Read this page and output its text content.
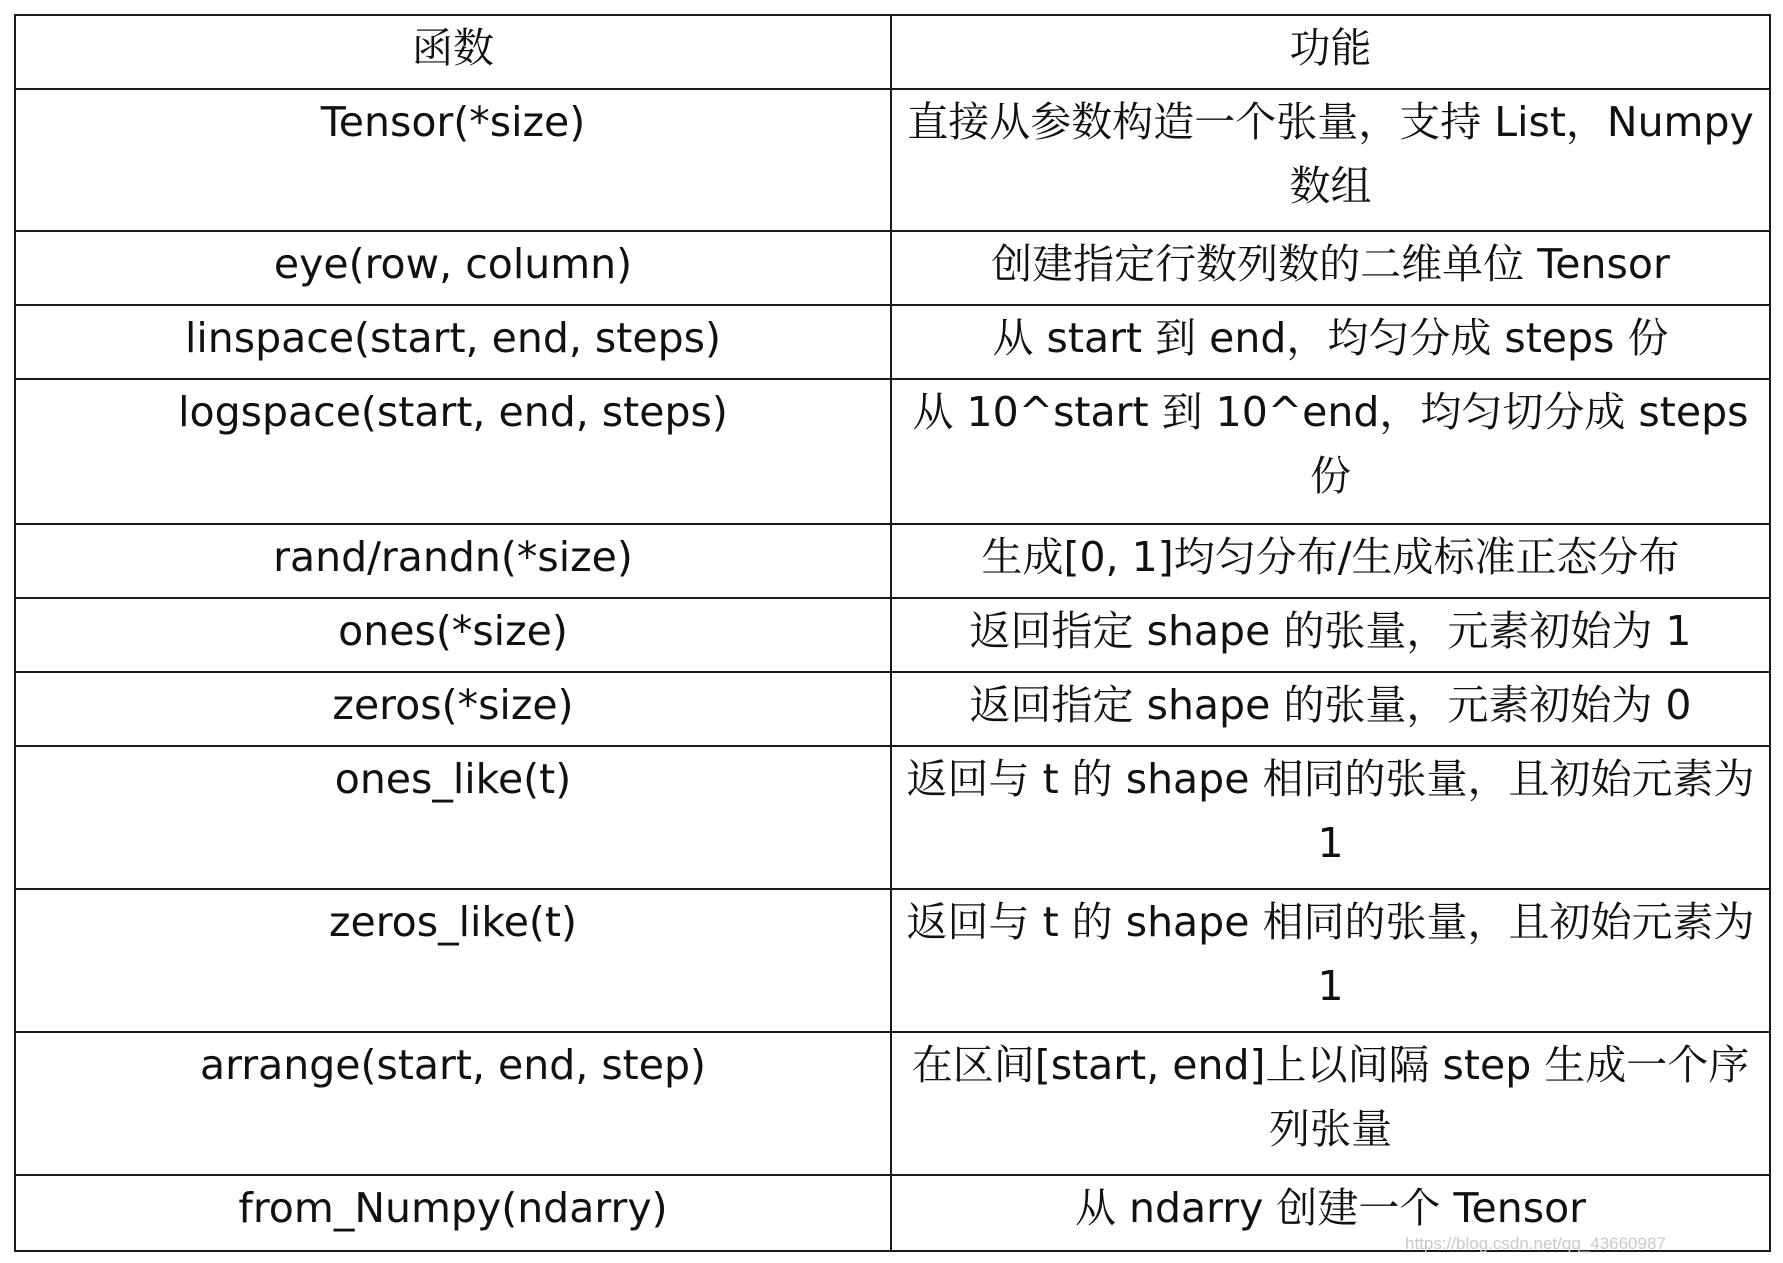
函数	功能
Tensor(*size)	直接从参数构造一个张量，支持 List，Numpy 数组
eye(row, column)	创建指定行数列数的二维单位 Tensor
linspace(start, end, steps)	从 start 到 end，均匀分成 steps 份
logspace(start, end, steps)	从 10^start 到 10^end，均匀切分成 steps 份
rand/randn(*size)	生成[0, 1]均匀分布/生成标准正态分布
ones(*size)	返回指定 shape 的张量，元素初始为 1
zeros(*size)	返回指定 shape 的张量，元素初始为 0
ones_like(t)	返回与 t 的 shape 相同的张量，且初始元素为 1
zeros_like(t)	返回与 t 的 shape 相同的张量，且初始元素为 1
arrange(start, end, step)	在区间[start, end]上以间隔 step 生成一个序列张量
from_Numpy(ndarry)	从 ndarry 创建一个 Tensor
https://blog.csdn.net/qq_43660987
